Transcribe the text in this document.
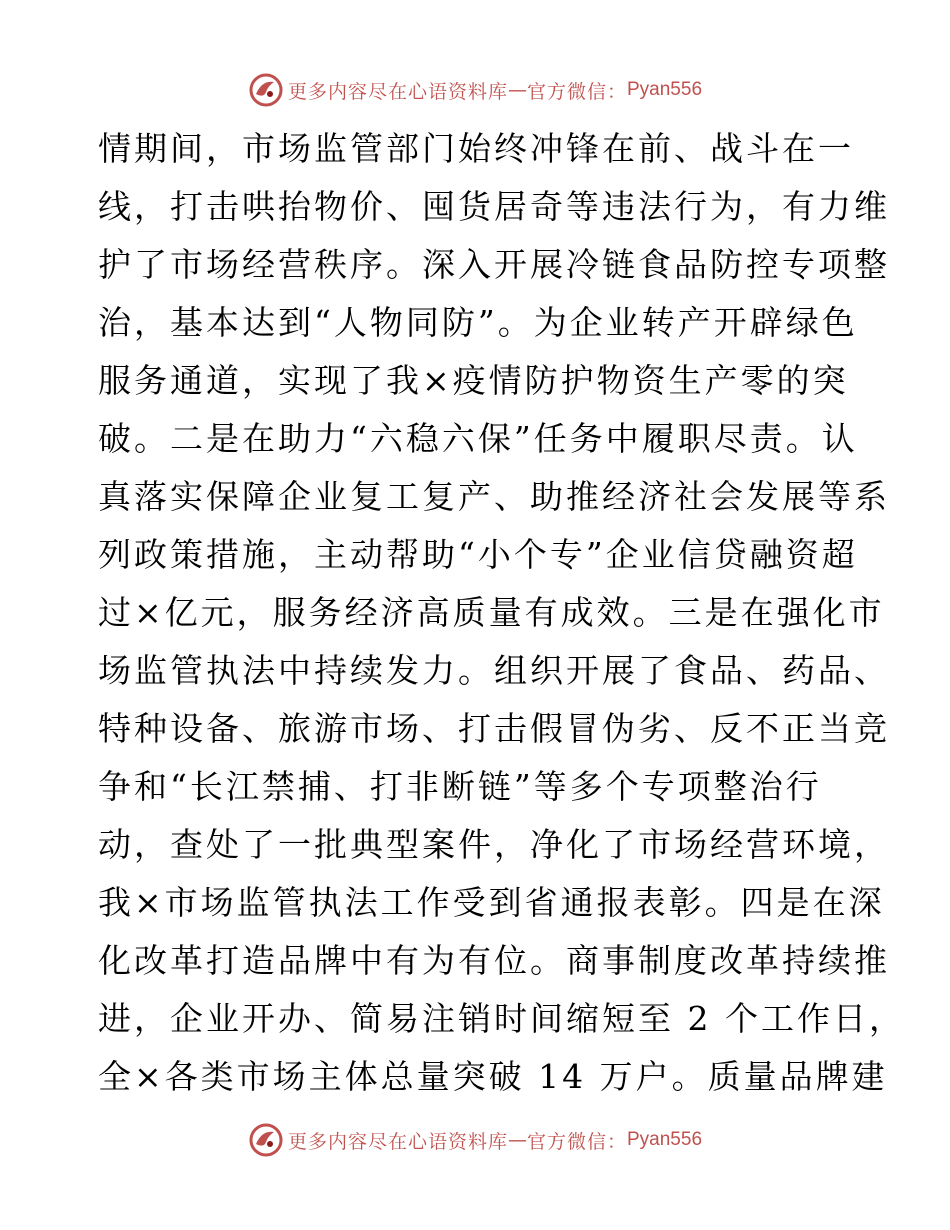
更多内容尽在心语资料库 — 官方微信： Pyan556
情期间，市场监管部门始终冲锋在前、战斗在一
线，打击哄抬物价、囤货居奇等违法行为，有力维
护了市场经营秩序。深入开展冷链食品防控专项整
治，基本达到“人物同防”。为企业转产开辟绿色
服务通道，实现了我×疫情防护物资生产零的突
破。二是在助力“六稳六保”任务中履职尽责。认
真落实保障企业复工复产、助推经济社会发展等系
列政策措施，主动帮助“小个专”企业信贷融资超
过×亿元，服务经济高质量有成效。三是在强化市
场监管执法中持续发力。组织开展了食品、药品、
特种设备、旅游市场、打击假冒伪劣、反不正当竞
争和“长江禁捕、打非断链”等多个专项整治行
动，查处了一批典型案件，净化了市场经营环境，
我×市场监管执法工作受到省通报表彰。四是在深
化改革打造品牌中有为有位。商事制度改革持续推
进，企业开办、简易注销时间缩短至 2 个工作日，
全×各类市场主体总量突破 14 万户。质量品牌建
更多内容尽在心语资料库 — 官方微信： Pyan556
